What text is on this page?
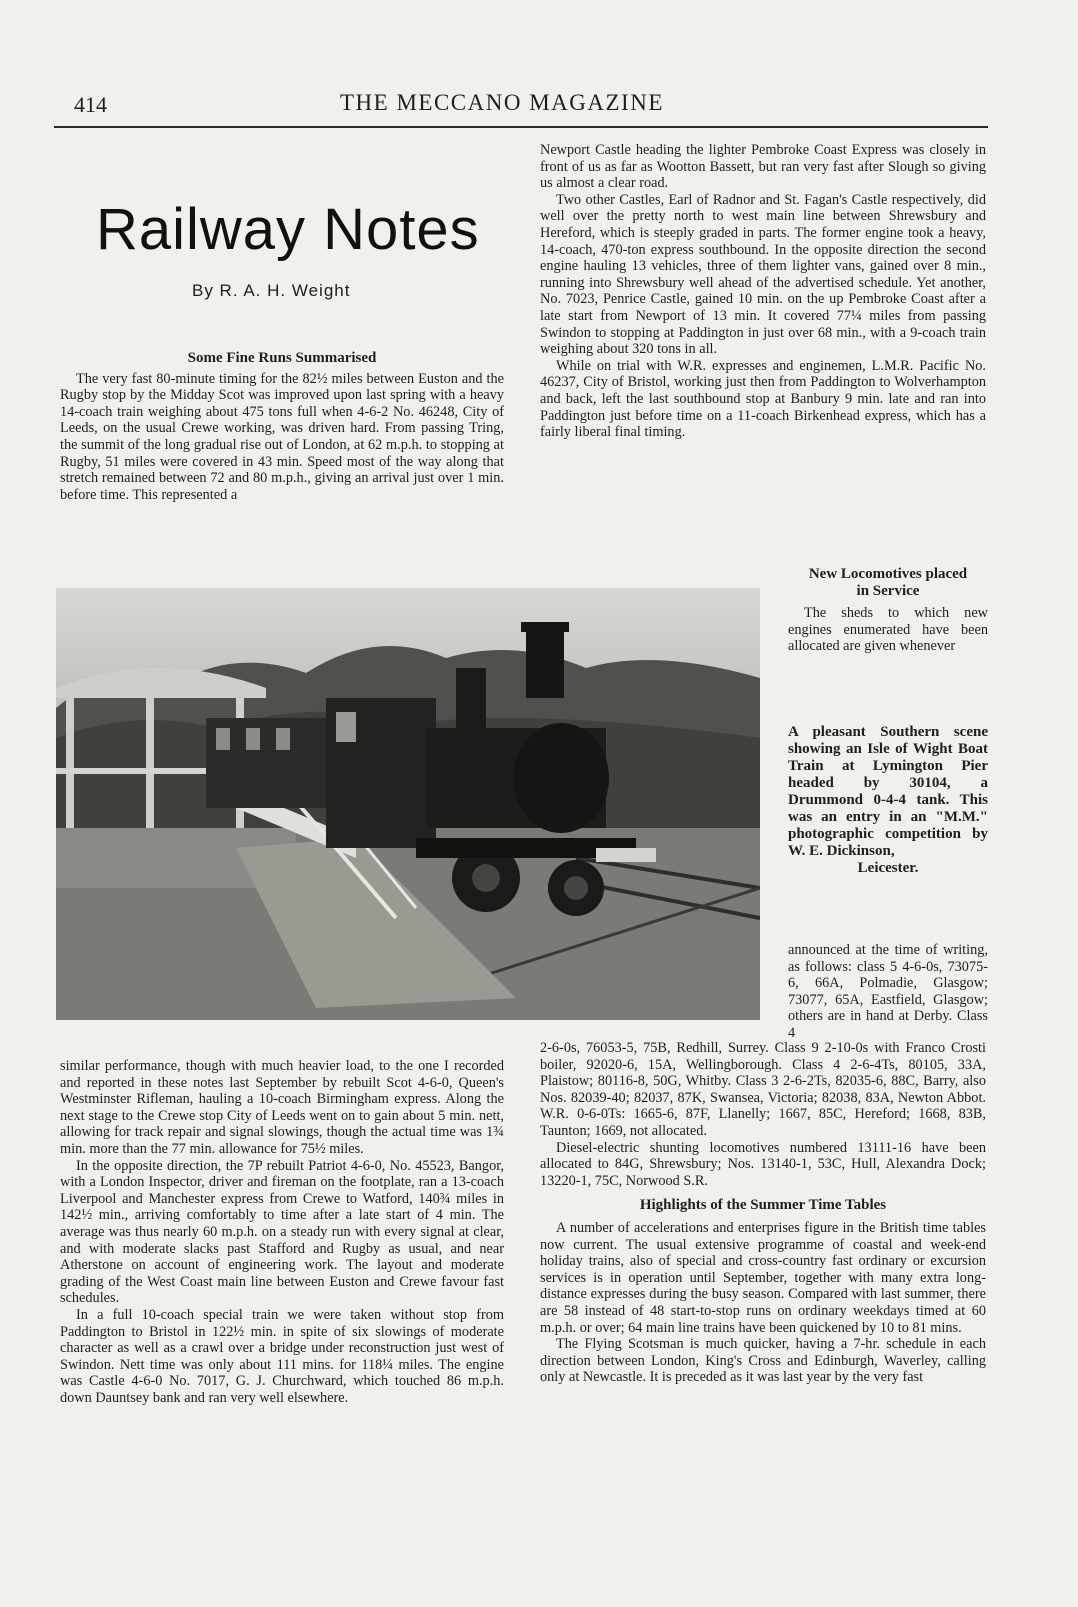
414	THE MECCANO MAGAZINE
Railway Notes
By R. A. H. Weight
Some Fine Runs Summarised

The very fast 80-minute timing for the 82½ miles between Euston and the Rugby stop by the Midday Scot was improved upon last spring with a heavy 14-coach train weighing about 475 tons full when 4-6-2 No. 46248, City of Leeds, on the usual Crewe working, was driven hard. From passing Tring, the summit of the long gradual rise out of London, at 62 m.p.h. to stopping at Rugby, 51 miles were covered in 43 min. Speed most of the way along that stretch remained between 72 and 80 m.p.h., giving an arrival just over 1 min. before time. This represented a

Newport Castle heading the lighter Pembroke Coast Express was closely in front of us as far as Wootton Bassett, but ran very fast after Slough so giving us almost a clear road.

Two other Castles, Earl of Radnor and St. Fagan's Castle respectively, did well over the pretty north to west main line between Shrewsbury and Hereford, which is steeply graded in parts. The former engine took a heavy, 14-coach, 470-ton express southbound. In the opposite direction the second engine hauling 13 vehicles, three of them lighter vans, gained over 8 min., running into Shrewsbury well ahead of the advertised schedule. Yet another, No. 7023, Penrice Castle, gained 10 min. on the up Pembroke Coast after a late start from Newport of 13 min. It covered 77¼ miles from passing Swindon to stopping at Paddington in just over 68 min., with a 9-coach train weighing about 320 tons in all.

While on trial with W.R. expresses and enginemen, L.M.R. Pacific No. 46237, City of Bristol, working just then from Paddington to Wolverhampton and back, left the last southbound stop at Banbury 9 min. late and ran into Paddington just before time on a 11-coach Birkenhead express, which has a fairly liberal final timing.

New Locomotives placed
in Service

The sheds to which new engines enumerated have been allocated are given whenever

A pleasant Southern scene showing an Isle of Wight Boat Train at Lymington Pier headed by 30104, a Drummond 0-4-4 tank. This was an entry in an "M.M." photographic competition by W. E. Dickinson,
Leicester.

announced at the time of writing, as follows: class 5 4-6-0s, 73075-6, 66A, Polmadie, Glasgow; 73077, 65A, Eastfield, Glasgow; others are in hand at Derby. Class 4

similar performance, though with much heavier load, to the one I recorded and reported in these notes last September by rebuilt Scot 4-6-0, Queen's Westminster Rifleman, hauling a 10-coach Birmingham express. Along the next stage to the Crewe stop City of Leeds went on to gain about 5 min. nett, allowing for track repair and signal slowings, though the actual time was 1¾ min. more than the 77 min. allowance for 75½ miles.

In the opposite direction, the 7P rebuilt Patriot 4-6-0, No. 45523, Bangor, with a London Inspector, driver and fireman on the footplate, ran a 13-coach Liverpool and Manchester express from Crewe to Watford, 140¾ miles in 142½ min., arriving comfortably to time after a late start of 4 min. The average was thus nearly 60 m.p.h. on a steady run with every signal at clear, and with moderate slacks past Stafford and Rugby as usual, and near Atherstone on account of engineering work. The layout and moderate grading of the West Coast main line between Euston and Crewe favour fast schedules.

In a full 10-coach special train we were taken without stop from Paddington to Bristol in 122½ min. in spite of six slowings of moderate character as well as a crawl over a bridge under reconstruction just west of Swindon. Nett time was only about 111 mins. for 118¼ miles. The engine was Castle 4-6-0 No. 7017, G. J. Churchward, which touched 86 m.p.h. down Dauntsey bank and ran very well elsewhere.

2-6-0s, 76053-5, 75B, Redhill, Surrey. Class 9 2-10-0s with Franco Crosti boiler, 92020-6, 15A, Wellingborough. Class 4 2-6-4Ts, 80105, 33A, Plaistow; 80116-8, 50G, Whitby. Class 3 2-6-2Ts, 82035-6, 88C, Barry, also Nos. 82039-40; 82037, 87K, Swansea, Victoria; 82038, 83A, Newton Abbot. W.R. 0-6-0Ts: 1665-6, 87F, Llanelly; 1667, 85C, Hereford; 1668, 83B, Taunton; 1669, not allocated.

Diesel-electric shunting locomotives numbered 13111-16 have been allocated to 84G, Shrewsbury; Nos. 13140-1, 53C, Hull, Alexandra Dock; 13220-1, 75C, Norwood S.R.

Highlights of the Summer Time Tables

A number of accelerations and enterprises figure in the British time tables now current. The usual extensive programme of coastal and week-end holiday trains, also of special and cross-country fast ordinary or excursion services is in operation until September, together with many extra long-distance expresses during the busy season. Compared with last summer, there are 58 instead of 48 start-to-stop runs on ordinary weekdays timed at 60 m.p.h. or over; 64 main line trains have been quickened by 10 to 81 mins.

The Flying Scotsman is much quicker, having a 7-hr. schedule in each direction between London, King's Cross and Edinburgh, Waverley, calling only at Newcastle. It is preceded as it was last year by the very fast
